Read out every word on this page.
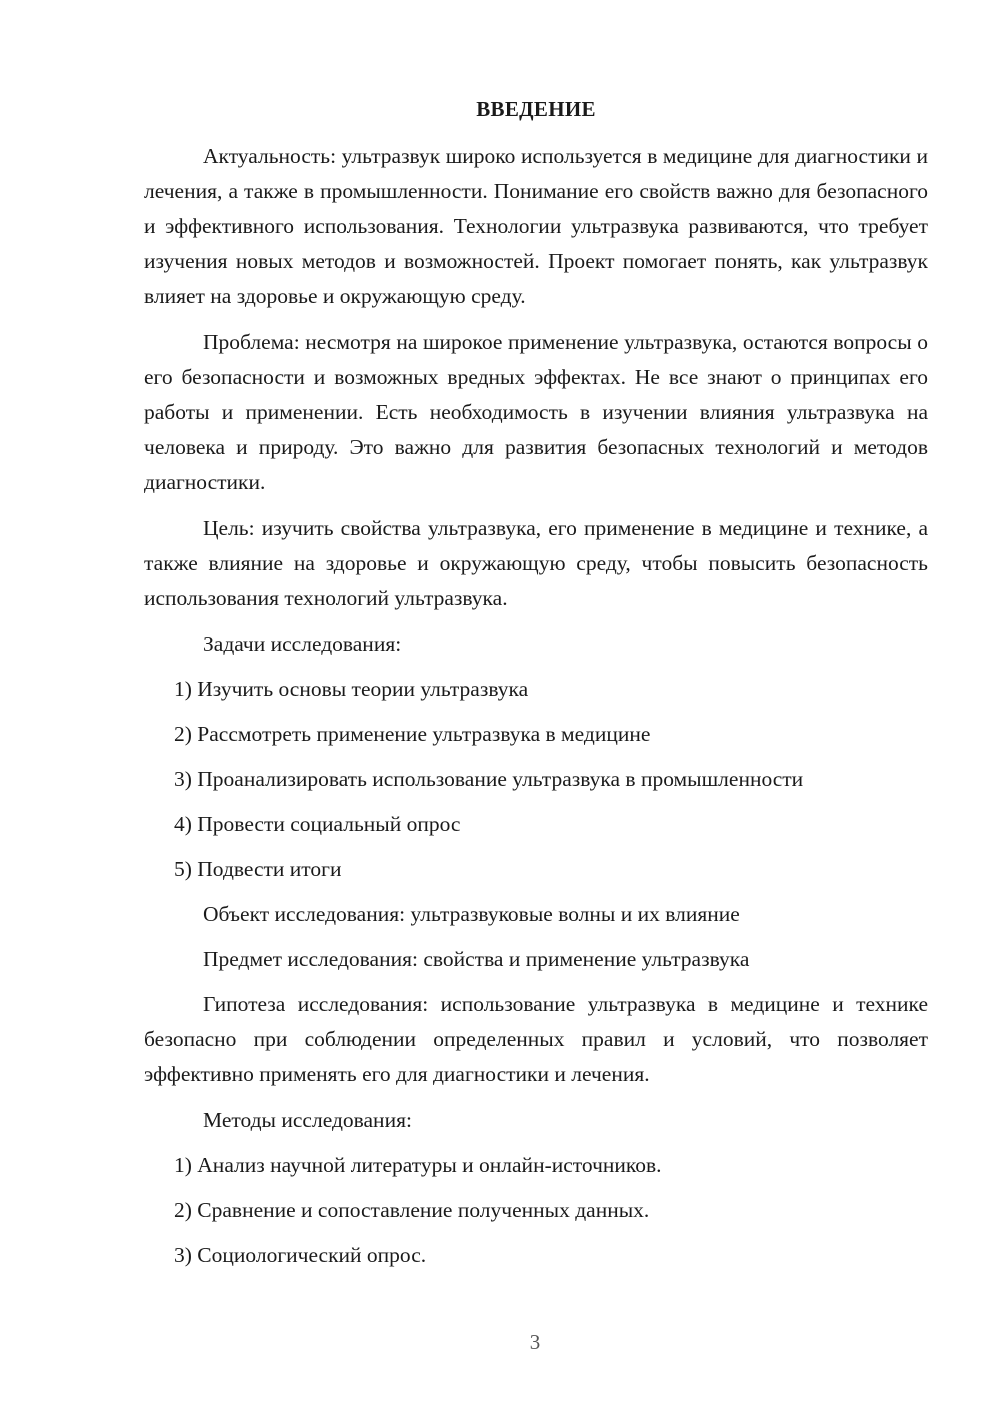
ВВЕДЕНИЕ

Актуальность: ультразвук широко используется в медицине для диагностики и лечения, а также в промышленности. Понимание его свойств важно для безопасного и эффективного использования. Технологии ультразвука развиваются, что требует изучения новых методов и возможностей. Проект помогает понять, как ультразвук влияет на здоровье и окружающую среду.

Проблема: несмотря на широкое применение ультразвука, остаются вопросы о его безопасности и возможных вредных эффектах. Не все знают о принципах его работы и применении. Есть необходимость в изучении влияния ультразвука на человека и природу. Это важно для развития безопасных технологий и методов диагностики.

Цель: изучить свойства ультразвука, его применение в медицине и технике, а также влияние на здоровье и окружающую среду, чтобы повысить безопасность использования технологий ультразвука.

Задачи исследования:

1) Изучить основы теории ультразвука
2) Рассмотреть применение ультразвука в медицине
3) Проанализировать использование ультразвука в промышленности
4) Провести социальный опрос
5) Подвести итоги

Объект исследования: ультразвуковые волны и их влияние

Предмет исследования: свойства и применение ультразвука

Гипотеза исследования: использование ультразвука в медицине и технике безопасно при соблюдении определенных правил и условий, что позволяет эффективно применять его для диагностики и лечения.

Методы исследования:

1) Анализ научной литературы и онлайн-источников.
2) Сравнение и сопоставление полученных данных.
3) Социологический опрос.
3
